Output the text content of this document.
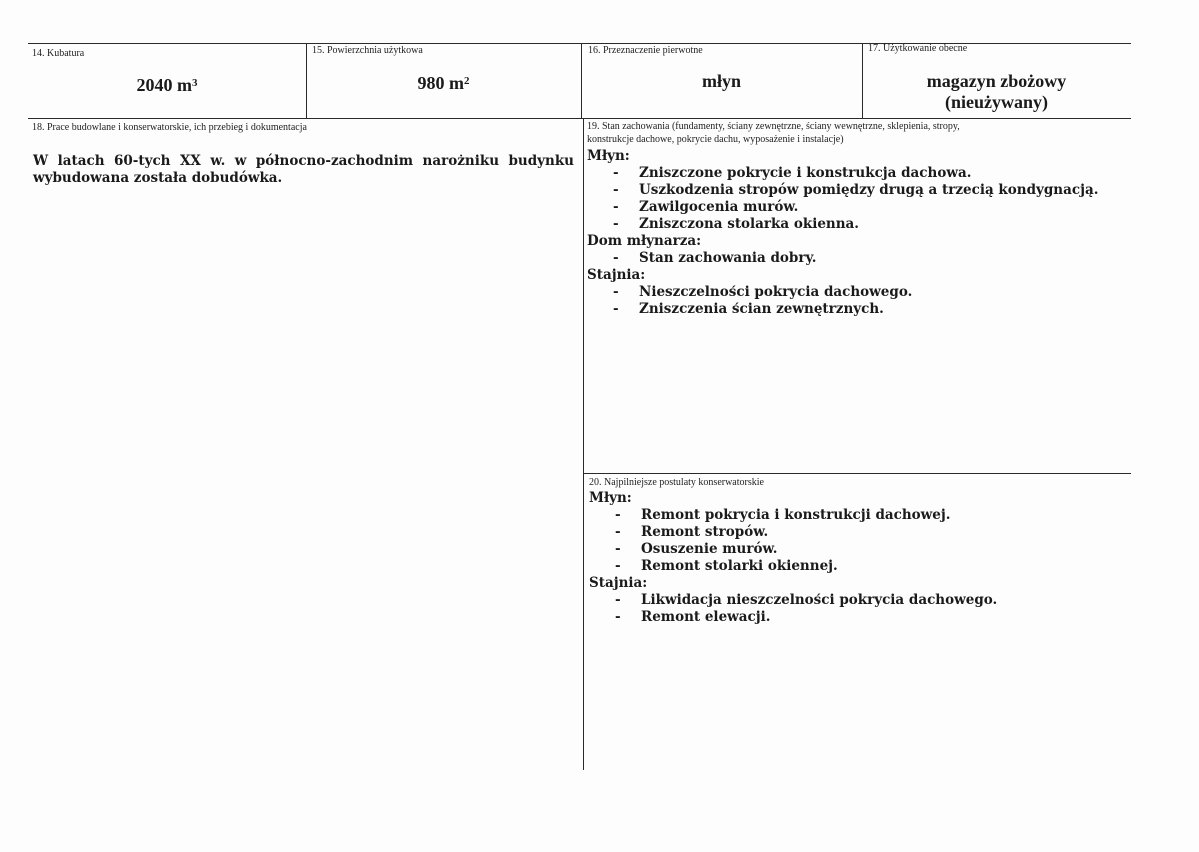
14. Kubatura
2040 $m^3$
15. Powierzchnia użytkowa
980 $m^2$
16. Przeznaczenie pierwotne
młyn
17. Użytkowanie obecne
magazyn zbożowy
(nieużywany)
18. Prace budowlane i konserwatorskie, ich przebieg i dokumentacja
W latach 60-tych XX w. w północno-zachodnim narożniku budynku wybudowana została dobudówka.
19. Stan zachowania (fundamenty, ściany zewnętrzne, ściany wewnętrzne, sklepienia, stropy,
konstrukcje dachowe, pokrycie dachu, wyposażenie i instalacje)
Młyn:
- Zniszczone pokrycie i konstrukcja dachowa.
- Uszkodzenia stropów pomiędzy drugą a trzecią kondygnacją.
- Zawilgocenia murów.
- Zniszczona stolarka okienna.
Dom młynarza:
- Stan zachowania dobry.
Stajnia:
- Nieszczelności pokrycia dachowego.
- Zniszczenia ścian zewnętrznych.
20. Najpilniejsze postulaty konserwatorskie
Młyn:
- Remont pokrycia i konstrukcji dachowej.
- Remont stropów.
- Osuszenie murów.
- Remont stolarki okiennej.
Stajnia:
- Likwidacja nieszczelności pokrycia dachowego.
- Remont elewacji.
